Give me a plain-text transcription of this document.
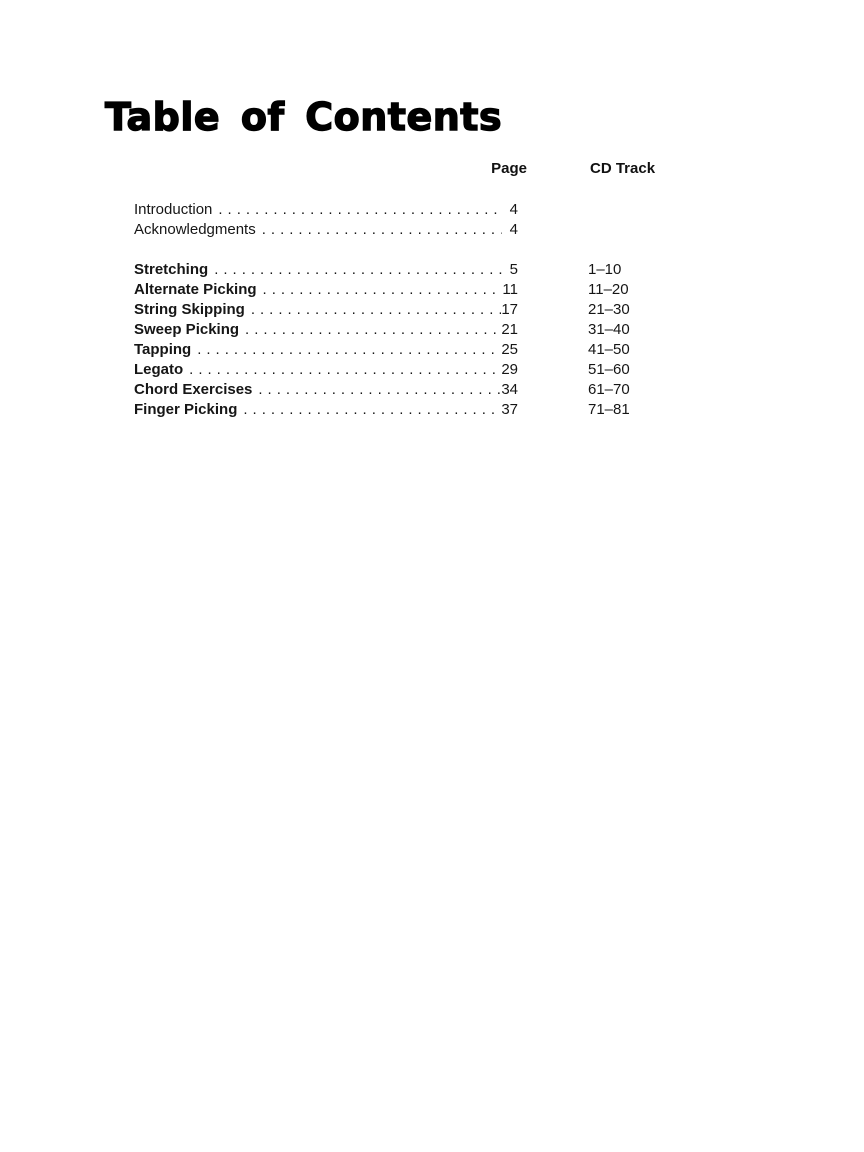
Table of Contents
Page	CD Track
Introduction .....	4
Acknowledgments .....	4
Stretching .....	5	1–10
Alternate Picking .....	11	11–20
String Skipping .....	17	21–30
Sweep Picking .....	21	31–40
Tapping .....	25	41–50
Legato .....	29	51–60
Chord Exercises .....	34	61–70
Finger Picking .....	37	71–81
